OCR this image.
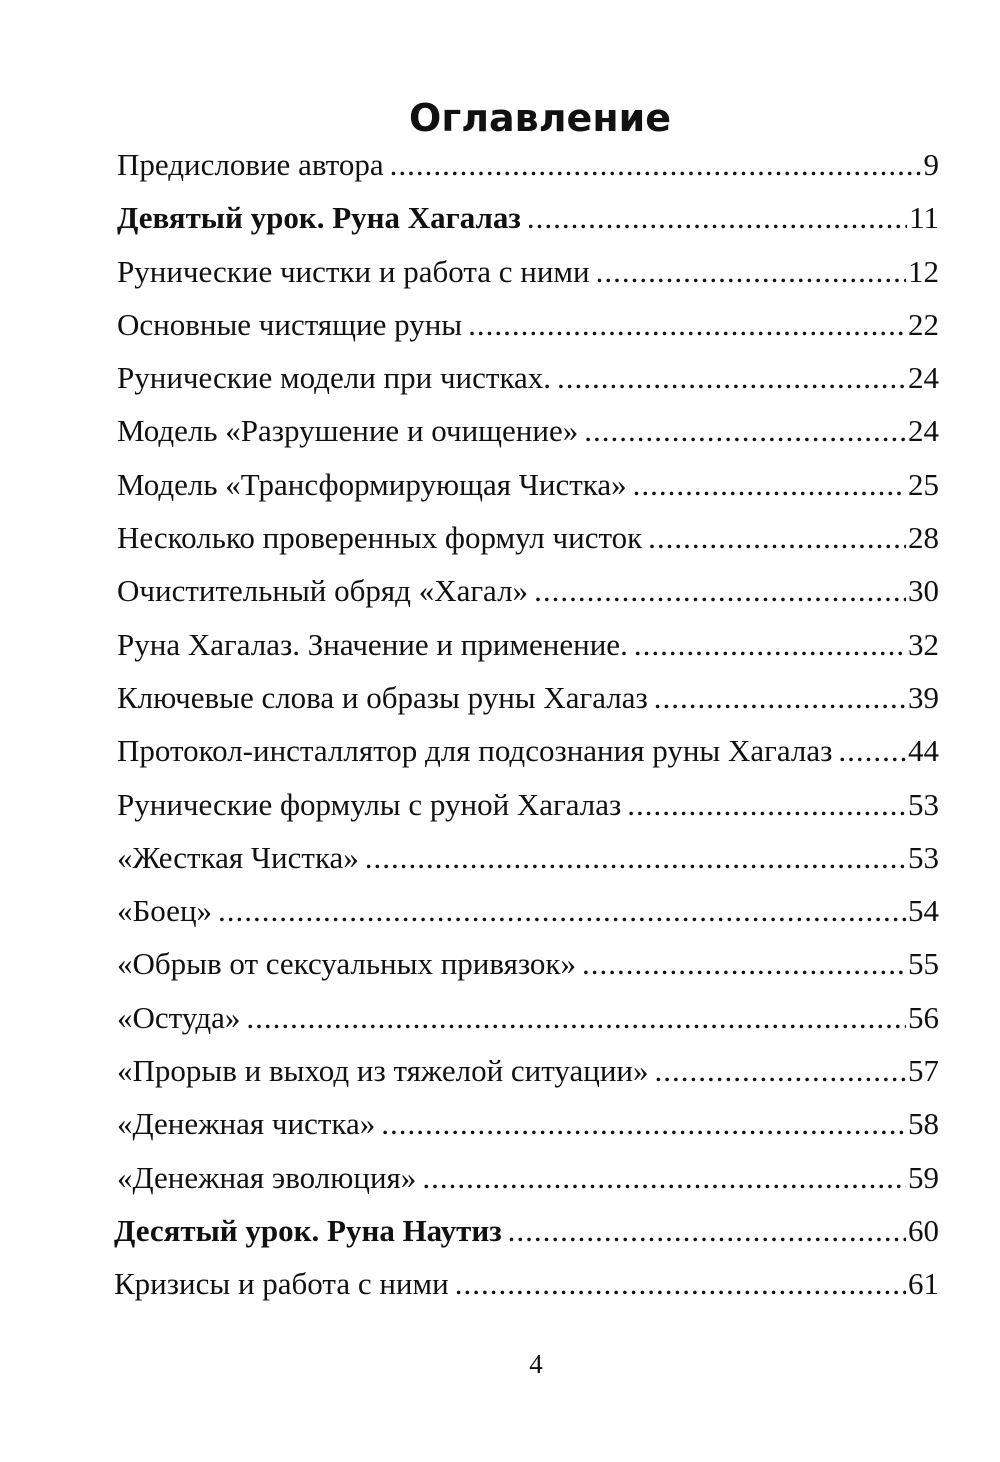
Оглавление
Предисловие автора .....	9
Девятый урок. Руна Хагалаз .....	11
Рунические чистки и работа с ними .....	12
Основные чистящие руны .....	22
Рунические модели при чистках. .....	24
Модель «Разрушение и очищение» .....	24
Модель «Трансформирующая Чистка» .....	25
Несколько проверенных формул чисток .....	28
Очистительный обряд «Хагал» .....	30
Руна Хагалаз. Значение и применение. .....	32
Ключевые слова и образы руны Хагалаз .....	39
Протокол-инсталлятор для подсознания руны Хагалаз ..... 44
Рунические формулы с руной Хагалаз .....	53
«Жесткая Чистка» .....	53
«Боец» .....	54
«Обрыв от сексуальных привязок» .....	55
«Остуда» .....	56
«Прорыв и выход из тяжелой ситуации» .....	57
«Денежная чистка» .....	58
«Денежная эволюция» .....	59
Десятый урок. Руна Наутиз .....	60
Кризисы и работа с ними .....	61

4
